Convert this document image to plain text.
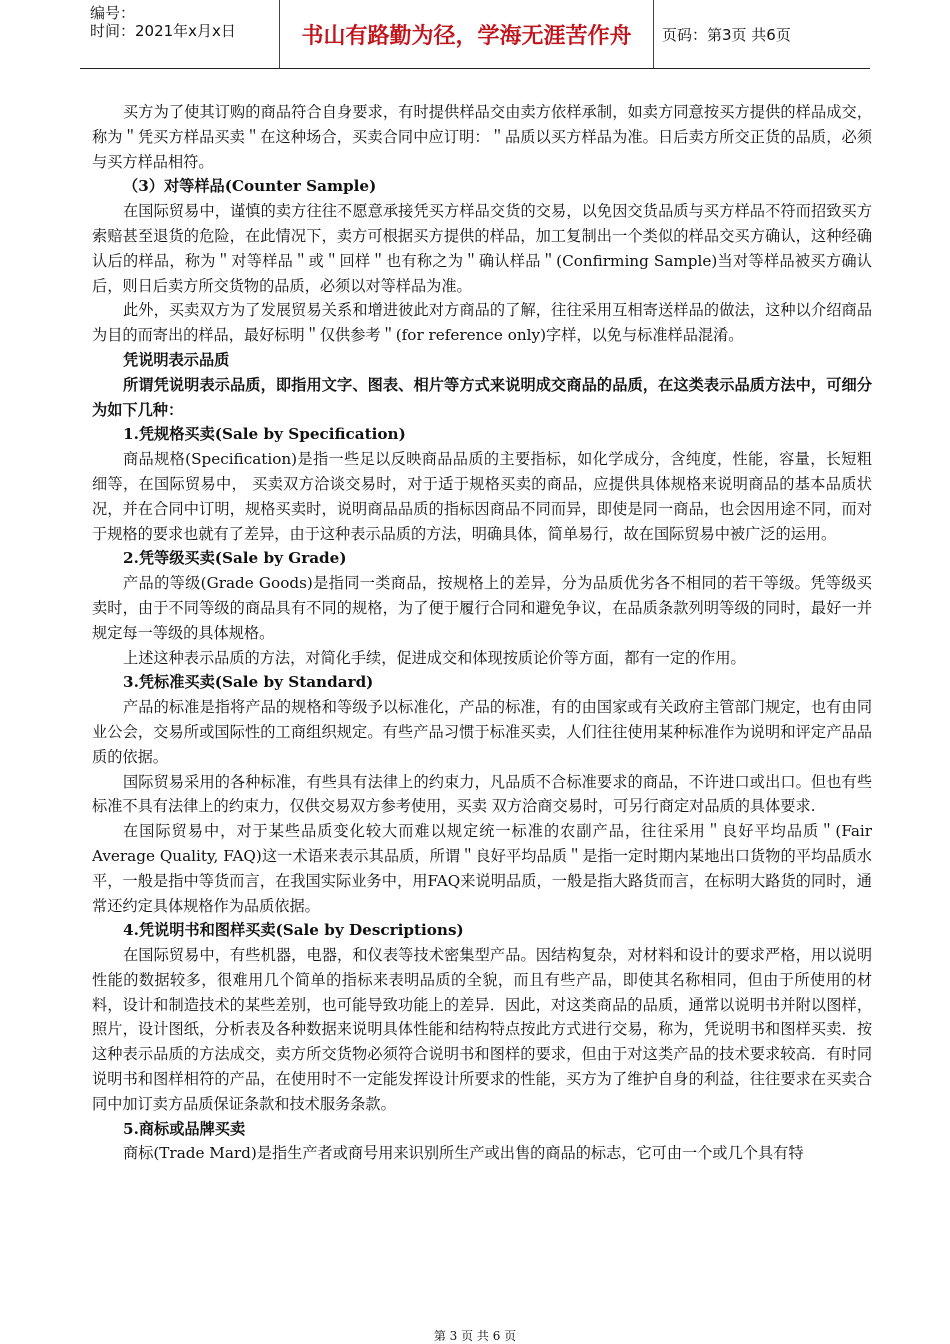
编号：
时间：2021年x月x日	书山有路勤为径，学海无涯苦作舟	页码：第3页 共6页

买方为了使其订购的商品符合自身要求，有时提供样品交由卖方依样承制，如卖方同意按买方提供的样品成交，称为＂凭买方样品买卖＂在这种场合，买卖合同中应订明：＂品质以买方样品为准。日后卖方所交正货的品质，必须与买方样品相符。

（3）对等样品(Counter Sample)

在国际贸易中，谨慎的卖方往往不愿意承接凭买方样品交货的交易，以免因交货品质与买方样品不符而招致买方索赔甚至退货的危险，在此情况下，卖方可根据买方提供的样品，加工复制出一个类似的样品交买方确认，这种经确认后的样品，称为＂对等样品＂或＂回样＂也有称之为＂确认样品＂(Confirming Sample)当对等样品被买方确认后，则日后卖方所交货物的品质，必须以对等样品为准。

此外，买卖双方为了发展贸易关系和增进彼此对方商品的了解，往往采用互相寄送样品的做法，这种以介绍商品为目的而寄出的样品，最好标明＂仅供参考＂(for reference only)字样，以免与标准样品混淆。

凭说明表示品质

所谓凭说明表示品质，即指用文字、图表、相片等方式来说明成交商品的品质，在这类表示品质方法中，可细分为如下几种：

1.凭规格买卖(Sale by Specification)

商品规格(Specification)是指一些足以反映商品品质的主要指标，如化学成分，含纯度，性能，容量，长短粗细等，在国际贸易中， 买卖双方洽谈交易时，对于适于规格买卖的商品，应提供具体规格来说明商品的基本品质状况，并在合同中订明，规格买卖时，说明商品品质的指标因商品不同而异，即使是同一商品，也会因用途不同，而对于规格的要求也就有了差异，由于这种表示品质的方法，明确具体，简单易行，故在国际贸易中被广泛的运用。

2.凭等级买卖(Sale by Grade)

产品的等级(Grade Goods)是指同一类商品，按规格上的差异，分为品质优劣各不相同的若干等级。凭等级买卖时，由于不同等级的商品具有不同的规格，为了便于履行合同和避免争议，在品质条款列明等级的同时，最好一并规定每一等级的具体规格。

上述这种表示品质的方法，对简化手续，促进成交和体现按质论价等方面，都有一定的作用。

3.凭标准买卖(Sale by Standard)

产品的标准是指将产品的规格和等级予以标准化，产品的标准，有的由国家或有关政府主管部门规定，也有由同业公会，交易所或国际性的工商组织规定。有些产品习惯于标准买卖，人们往往使用某种标准作为说明和评定产品品质的依据。

国际贸易采用的各种标准，有些具有法律上的约束力，凡品质不合标准要求的商品，不许进口或出口。但也有些标准不具有法律上的约束力，仅供交易双方参考使用，买卖 双方洽商交易时，可另行商定对品质的具体要求.

在国际贸易中，对于某些品质变化较大而难以规定统一标准的农副产品，往往采用＂良好平均品质＂(Fair Average Quality, FAQ)这一术语来表示其品质，所谓＂良好平均品质＂是指一定时期内某地出口货物的平均品质水平，一般是指中等货而言，在我国实际业务中，用FAQ来说明品质，一般是指大路货而言，在标明大路货的同时，通常还约定具体规格作为品质依据。

4.凭说明书和图样买卖(Sale by Descriptions)

在国际贸易中，有些机器，电器，和仪表等技术密集型产品。因结构复杂，对材料和设计的要求严格，用以说明性能的数据较多，很难用几个简单的指标来表明品质的全貌，而且有些产品，即使其名称相同，但由于所使用的材料，设计和制造技术的某些差别，也可能导致功能上的差异．因此，对这类商品的品质，通常以说明书并附以图样，照片，设计图纸，分析表及各种数据来说明具体性能和结构特点按此方式进行交易，称为，凭说明书和图样买卖．按这种表示品质的方法成交，卖方所交货物必须符合说明书和图样的要求，但由于对这类产品的技术要求较高．有时同说明书和图样相符的产品，在使用时不一定能发挥设计所要求的性能，买方为了维护自身的利益，往往要求在买卖合同中加订卖方品质保证条款和技术服务条款。

5.商标或品牌买卖

商标(Trade Mard)是指生产者或商号用来识别所生产或出售的商品的标志，它可由一个或几个具有特

第 3 页 共 6 页
